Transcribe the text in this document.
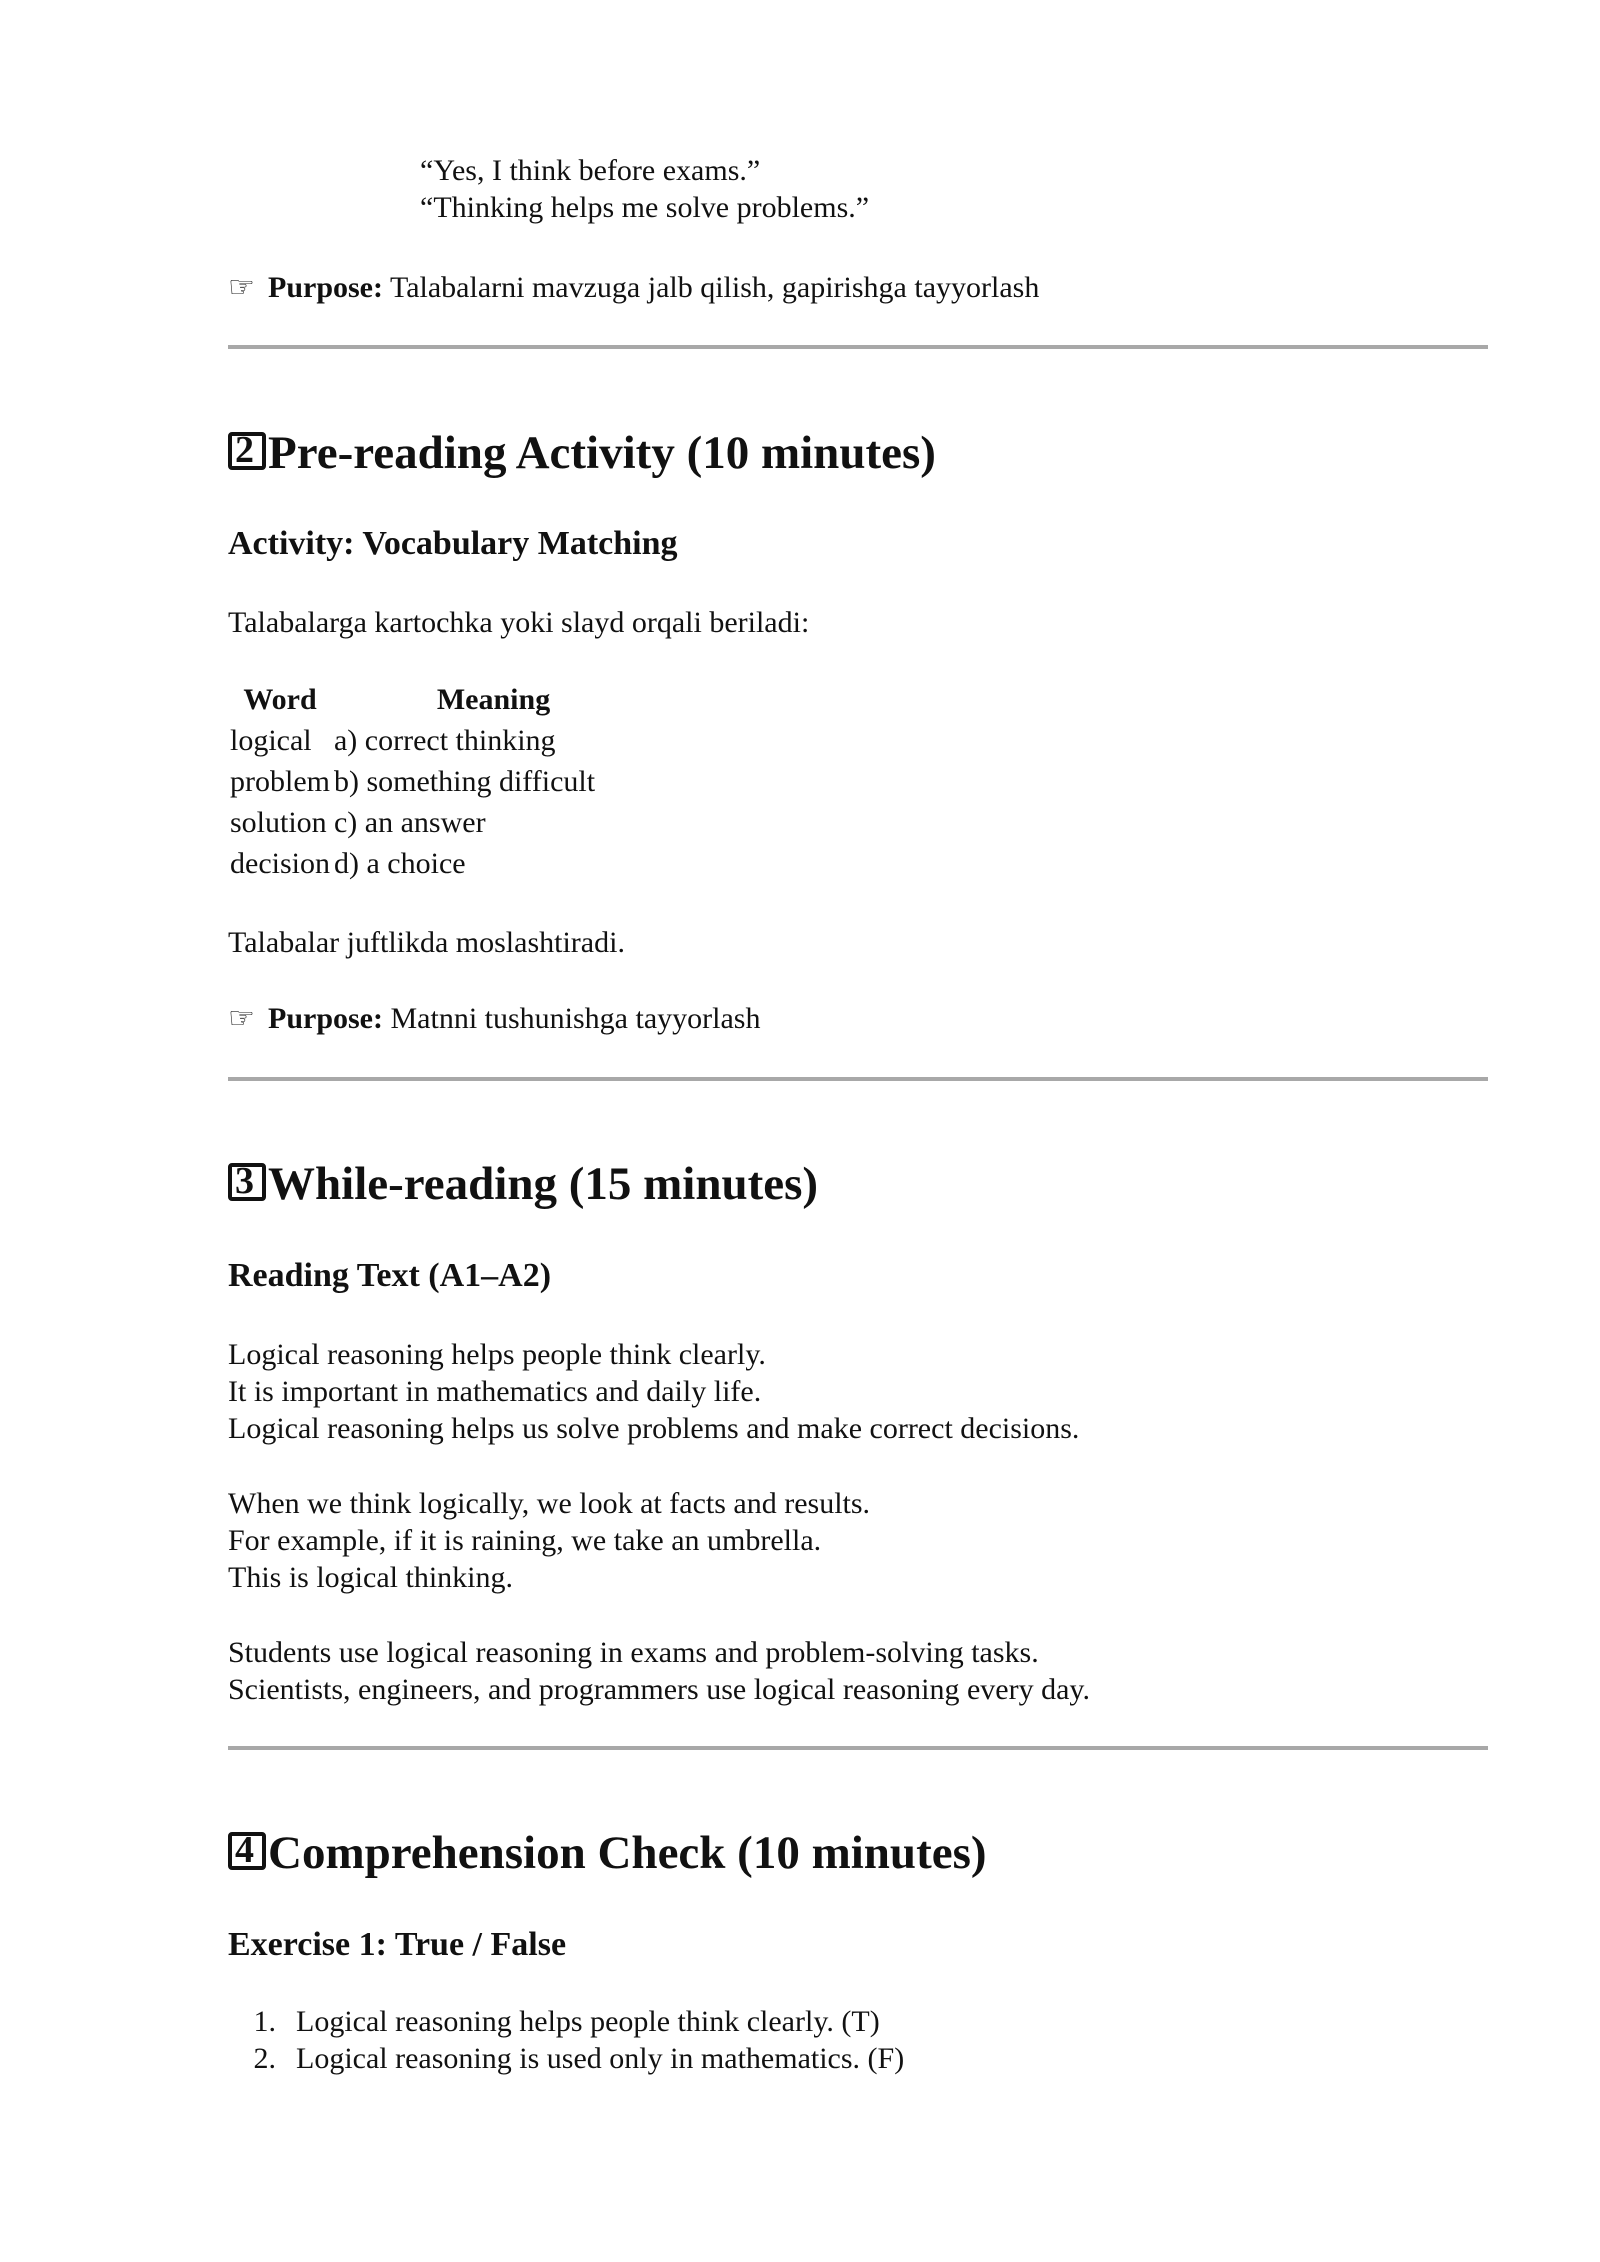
“Yes, I think before exams.”
“Thinking helps me solve problems.”
☞ Purpose: Talabalarni mavzuga jalb qilish, gapirishga tayyorlash
2 Pre-reading Activity (10 minutes)
Activity: Vocabulary Matching
Talabalarga kartochka yoki slayd orqali beriladi:
Word	Meaning
logical	a) correct thinking
problem	b) something difficult
solution	c) an answer
decision	d) a choice
Talabalar juftlikda moslashtiradi.
☞ Purpose: Matnni tushunishga tayyorlash
3 While-reading (15 minutes)
Reading Text (A1–A2)
Logical reasoning helps people think clearly.
It is important in mathematics and daily life.
Logical reasoning helps us solve problems and make correct decisions.
When we think logically, we look at facts and results.
For example, if it is raining, we take an umbrella.
This is logical thinking.
Students use logical reasoning in exams and problem-solving tasks.
Scientists, engineers, and programmers use logical reasoning every day.
4 Comprehension Check (10 minutes)
Exercise 1: True / False
1. Logical reasoning helps people think clearly. (T)
2. Logical reasoning is used only in mathematics. (F)
